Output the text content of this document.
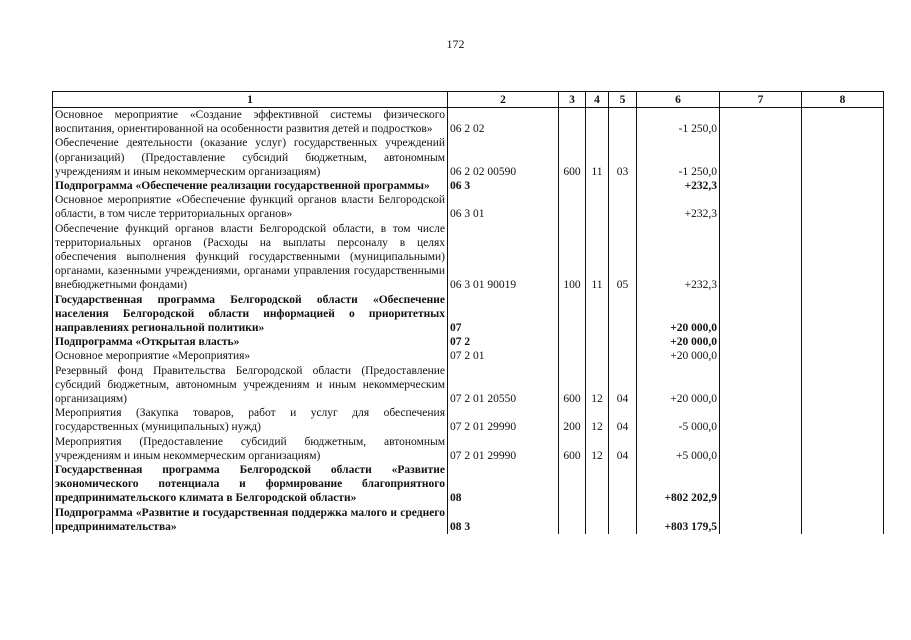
172
1	2	3	4	5	6	7	8
Основное мероприятие «Создание эффективной системы физического воспитания, ориентированной на особенности развития детей и подростков»	06 2 02				-1 250,0		
Обеспечение деятельности (оказание услуг) государственных учреждений (организаций) (Предоставление субсидий бюджетным, автономным учреждениям и иным некоммерческим организациям)	06 2 02 00590	600	11	03	-1 250,0		
Подпрограмма «Обеспечение реализации государственной программы»	06 3				+232,3		
Основное мероприятие «Обеспечение функций органов власти Белгородской области, в том числе территориальных органов»	06 3 01				+232,3		
Обеспечение функций органов власти Белгородской области, в том числе территориальных органов (Расходы на выплаты персоналу в целях обеспечения выполнения функций государственными (муниципальными) органами, казенными учреждениями, органами управления государственными внебюджетными фондами)	06 3 01 90019	100	11	05	+232,3		
Государственная программа Белгородской области «Обеспечение населения Белгородской области информацией о приоритетных направлениях региональной политики»	07				+20 000,0		
Подпрограмма «Открытая власть»	07 2				+20 000,0		
Основное мероприятие «Мероприятия»	07 2 01				+20 000,0		
Резервный фонд Правительства Белгородской области (Предоставление субсидий бюджетным, автономным учреждениям и иным некоммерческим организациям)	07 2 01 20550	600	12	04	+20 000,0		
Мероприятия (Закупка товаров, работ и услуг для обеспечения государственных (муниципальных) нужд)	07 2 01 29990	200	12	04	-5 000,0		
Мероприятия (Предоставление субсидий бюджетным, автономным учреждениям и иным некоммерческим организациям)	07 2 01 29990	600	12	04	+5 000,0		
Государственная программа Белгородской области «Развитие экономического потенциала и формирование благоприятного предпринимательского климата в Белгородской области»	08				+802 202,9		
Подпрограмма «Развитие и государственная поддержка малого и среднего предпринимательства»	08 3				+803 179,5		
